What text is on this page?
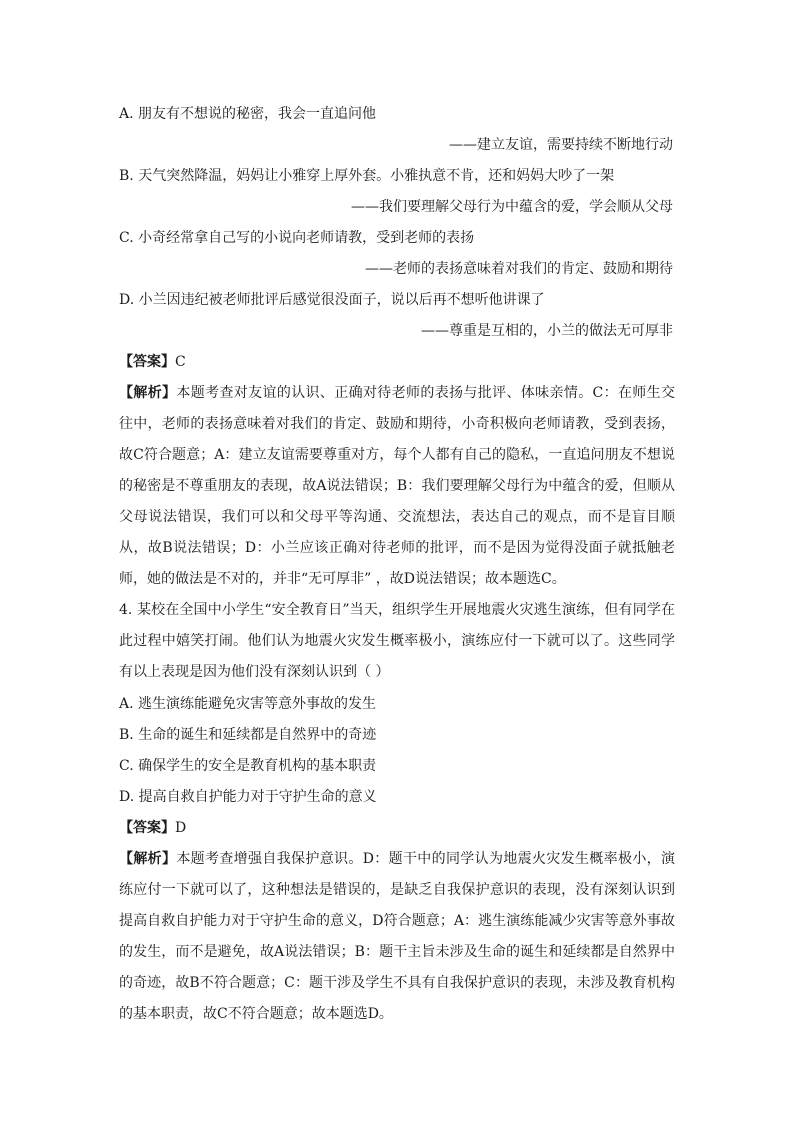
A. 朋友有不想说的秘密，我会一直追问他

——建立友谊，需要持续不断地行动

B. 天气突然降温，妈妈让小雅穿上厚外套。小雅执意不肯，还和妈妈大吵了一架

——我们要理解父母行为中蕴含的爱，学会顺从父母

C. 小奇经常拿自己写的小说向老师请教，受到老师的表扬

——老师的表扬意味着对我们的肯定、鼓励和期待

D. 小兰因违纪被老师批评后感觉很没面子，说以后再不想听他讲课了

——尊重是互相的，小兰的做法无可厚非

【答案】C

【解析】本题考查对友谊的认识、正确对待老师的表扬与批评、体味亲情。C：在师生交往中，老师的表扬意味着对我们的肯定、鼓励和期待，小奇积极向老师请教，受到表扬，故C符合题意；A：建立友谊需要尊重对方，每个人都有自己的隐私，一直追问朋友不想说的秘密是不尊重朋友的表现，故A说法错误；B：我们要理解父母行为中蕴含的爱，但顺从父母说法错误，我们可以和父母平等沟通、交流想法，表达自己的观点，而不是盲目顺从，故B说法错误；D：小兰应该正确对待老师的批评，而不是因为觉得没面子就抵触老师，她的做法是不对的，并非“无可厚非” ，故D说法错误；故本题选C。
4. 某校在全国中小学生“安全教育日”当天，组织学生开展地震火灾逃生演练，但有同学在此过程中嬉笑打闹。他们认为地震火灾发生概率极小，演练应付一下就可以了。这些同学有以上表现是因为他们没有深刻认识到（ ）

A. 逃生演练能避免灾害等意外事故的发生

B. 生命的诞生和延续都是自然界中的奇迹

C. 确保学生的安全是教育机构的基本职责

D. 提高自救自护能力对于守护生命的意义

【答案】D

【解析】本题考查增强自我保护意识。D：题干中的同学认为地震火灾发生概率极小，演练应付一下就可以了，这种想法是错误的，是缺乏自我保护意识的表现，没有深刻认识到提高自救自护能力对于守护生命的意义，D符合题意；A：逃生演练能减少灾害等意外事故的发生，而不是避免，故A说法错误；B：题干主旨未涉及生命的诞生和延续都是自然界中的奇迹，故B不符合题意；C：题干涉及学生不具有自我保护意识的表现，未涉及教育机构的基本职责，故C不符合题意；故本题选D。
